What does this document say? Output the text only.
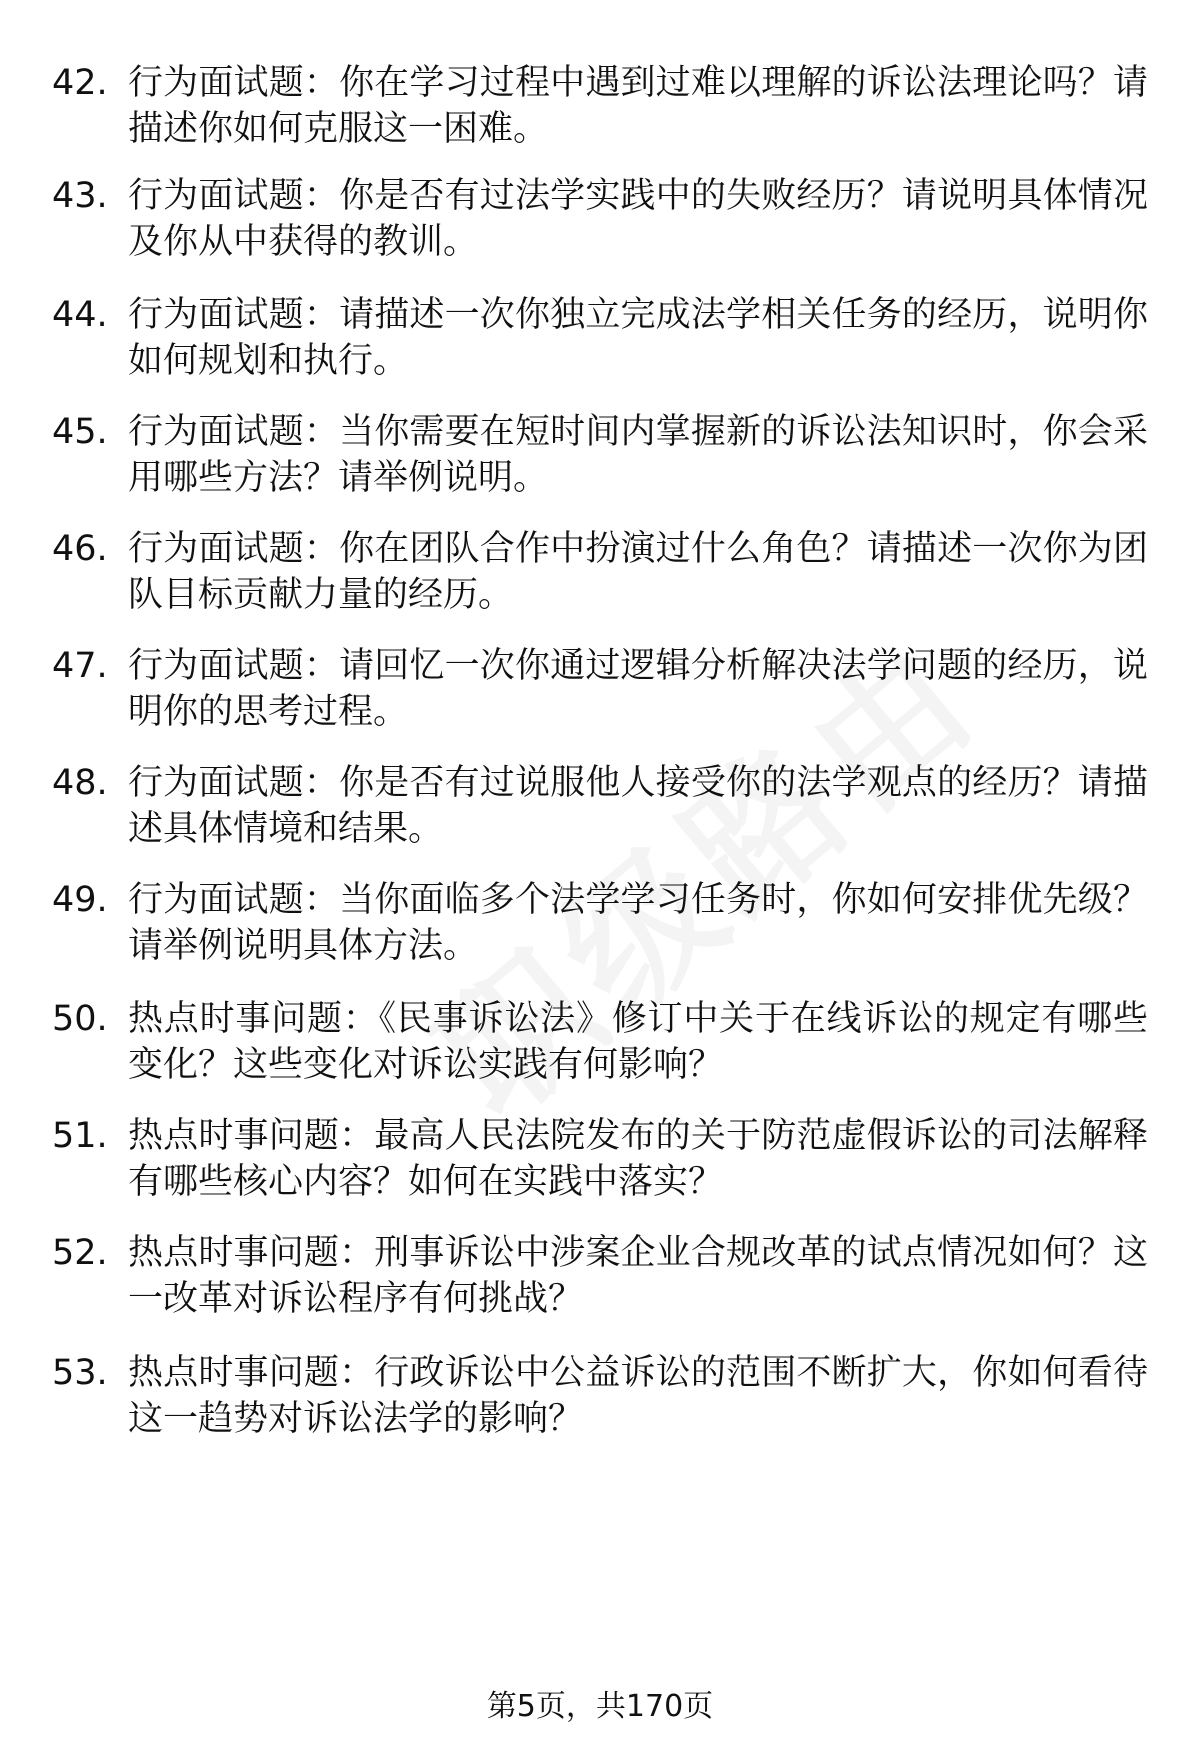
42. 行为面试题：你在学习过程中遇到过难以理解的诉讼法理论吗？请描述你如何克服这一困难。
43. 行为面试题：你是否有过法学实践中的失败经历？请说明具体情况及你从中获得的教训。
44. 行为面试题：请描述一次你独立完成法学相关任务的经历，说明你如何规划和执行。
45. 行为面试题：当你需要在短时间内掌握新的诉讼法知识时，你会采用哪些方法？请举例说明。
46. 行为面试题：你在团队合作中扮演过什么角色？请描述一次你为团队目标贡献力量的经历。
47. 行为面试题：请回忆一次你通过逻辑分析解决法学问题的经历，说明你的思考过程。
48. 行为面试题：你是否有过说服他人接受你的法学观点的经历？请描述具体情境和结果。
49. 行为面试题：当你面临多个法学学习任务时，你如何安排优先级？请举例说明具体方法。
50. 热点时事问题：《民事诉讼法》修订中关于在线诉讼的规定有哪些变化？这些变化对诉讼实践有何影响？
51. 热点时事问题：最高人民法院发布的关于防范虚假诉讼的司法解释有哪些核心内容？如何在实践中落实？
52. 热点时事问题：刑事诉讼中涉案企业合规改革的试点情况如何？这一改革对诉讼程序有何挑战？
53. 热点时事问题：行政诉讼中公益诉讼的范围不断扩大，你如何看待这一趋势对诉讼法学的影响？
第5页，共170页
